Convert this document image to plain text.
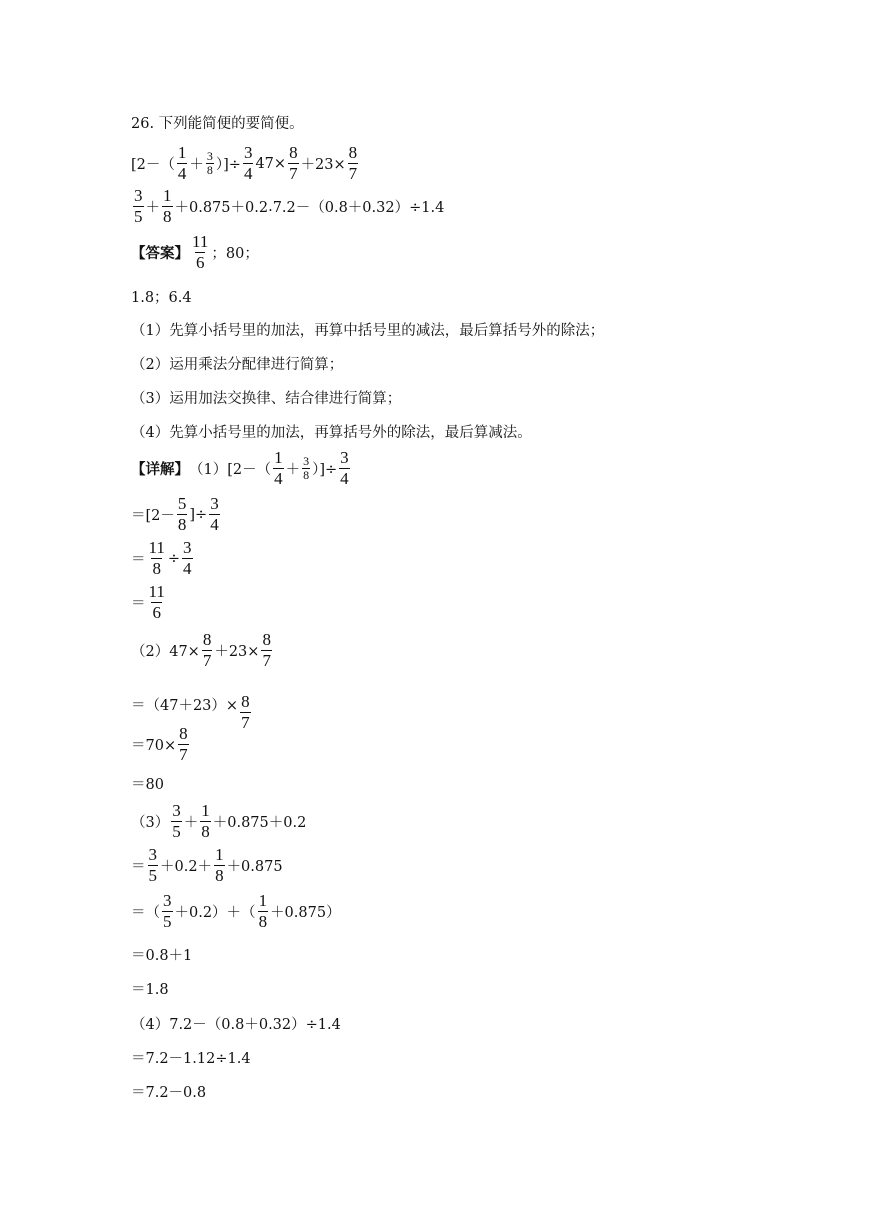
26. 下列能简便的要简便。
[$2-( \frac{1}{4} + \frac{3}{8}$ ）]÷ $\frac{3}{4} 47\times \frac{8}{7} +23\times \frac{8}{7}$
$\frac{3}{5} + \frac{1}{8} +0.875+0.2$ . 7.2－（0.8＋0.32）÷1.4
【答案】 $\frac{11}{6}$ ；80；
1.8；6.4
（1）先算小括号里的加法，再算中括号里的减法，最后算括号外的除法；
（2）运用乘法分配律进行简算；
（3）运用加法交换律、结合律进行简算；
（4）先算小括号里的加法，再算括号外的除法，最后算减法。
【详解】 $(1)[2-( \frac{1}{4} + \frac{3}{8}$ ）]÷ $\frac{3}{4}$
$=[2- \frac{5}{8}$ ]÷ $\frac{3}{4}$
＝ $\frac{11}{8} \div \frac{3}{4}$
＝ $\frac{11}{6}$
$(2)47\times \frac{8}{7} +23\times \frac{8}{7}$
$=(47+23)\times \frac{8}{7}$
$=70\times \frac{8}{7}$
＝80
$(3) \frac{3}{5} + \frac{1}{8} +0.875+0.2$
＝ $\frac{3}{5} +0.2+ \frac{1}{8} +0.875$
＝（ $\frac{3}{5} +0.2)+( \frac{1}{8} +0.875)$
＝0.8＋1
＝1.8
（4）7.2－（0.8＋0.32）÷1.4
＝7.2－1.12÷1.4
＝7.2－0.8
